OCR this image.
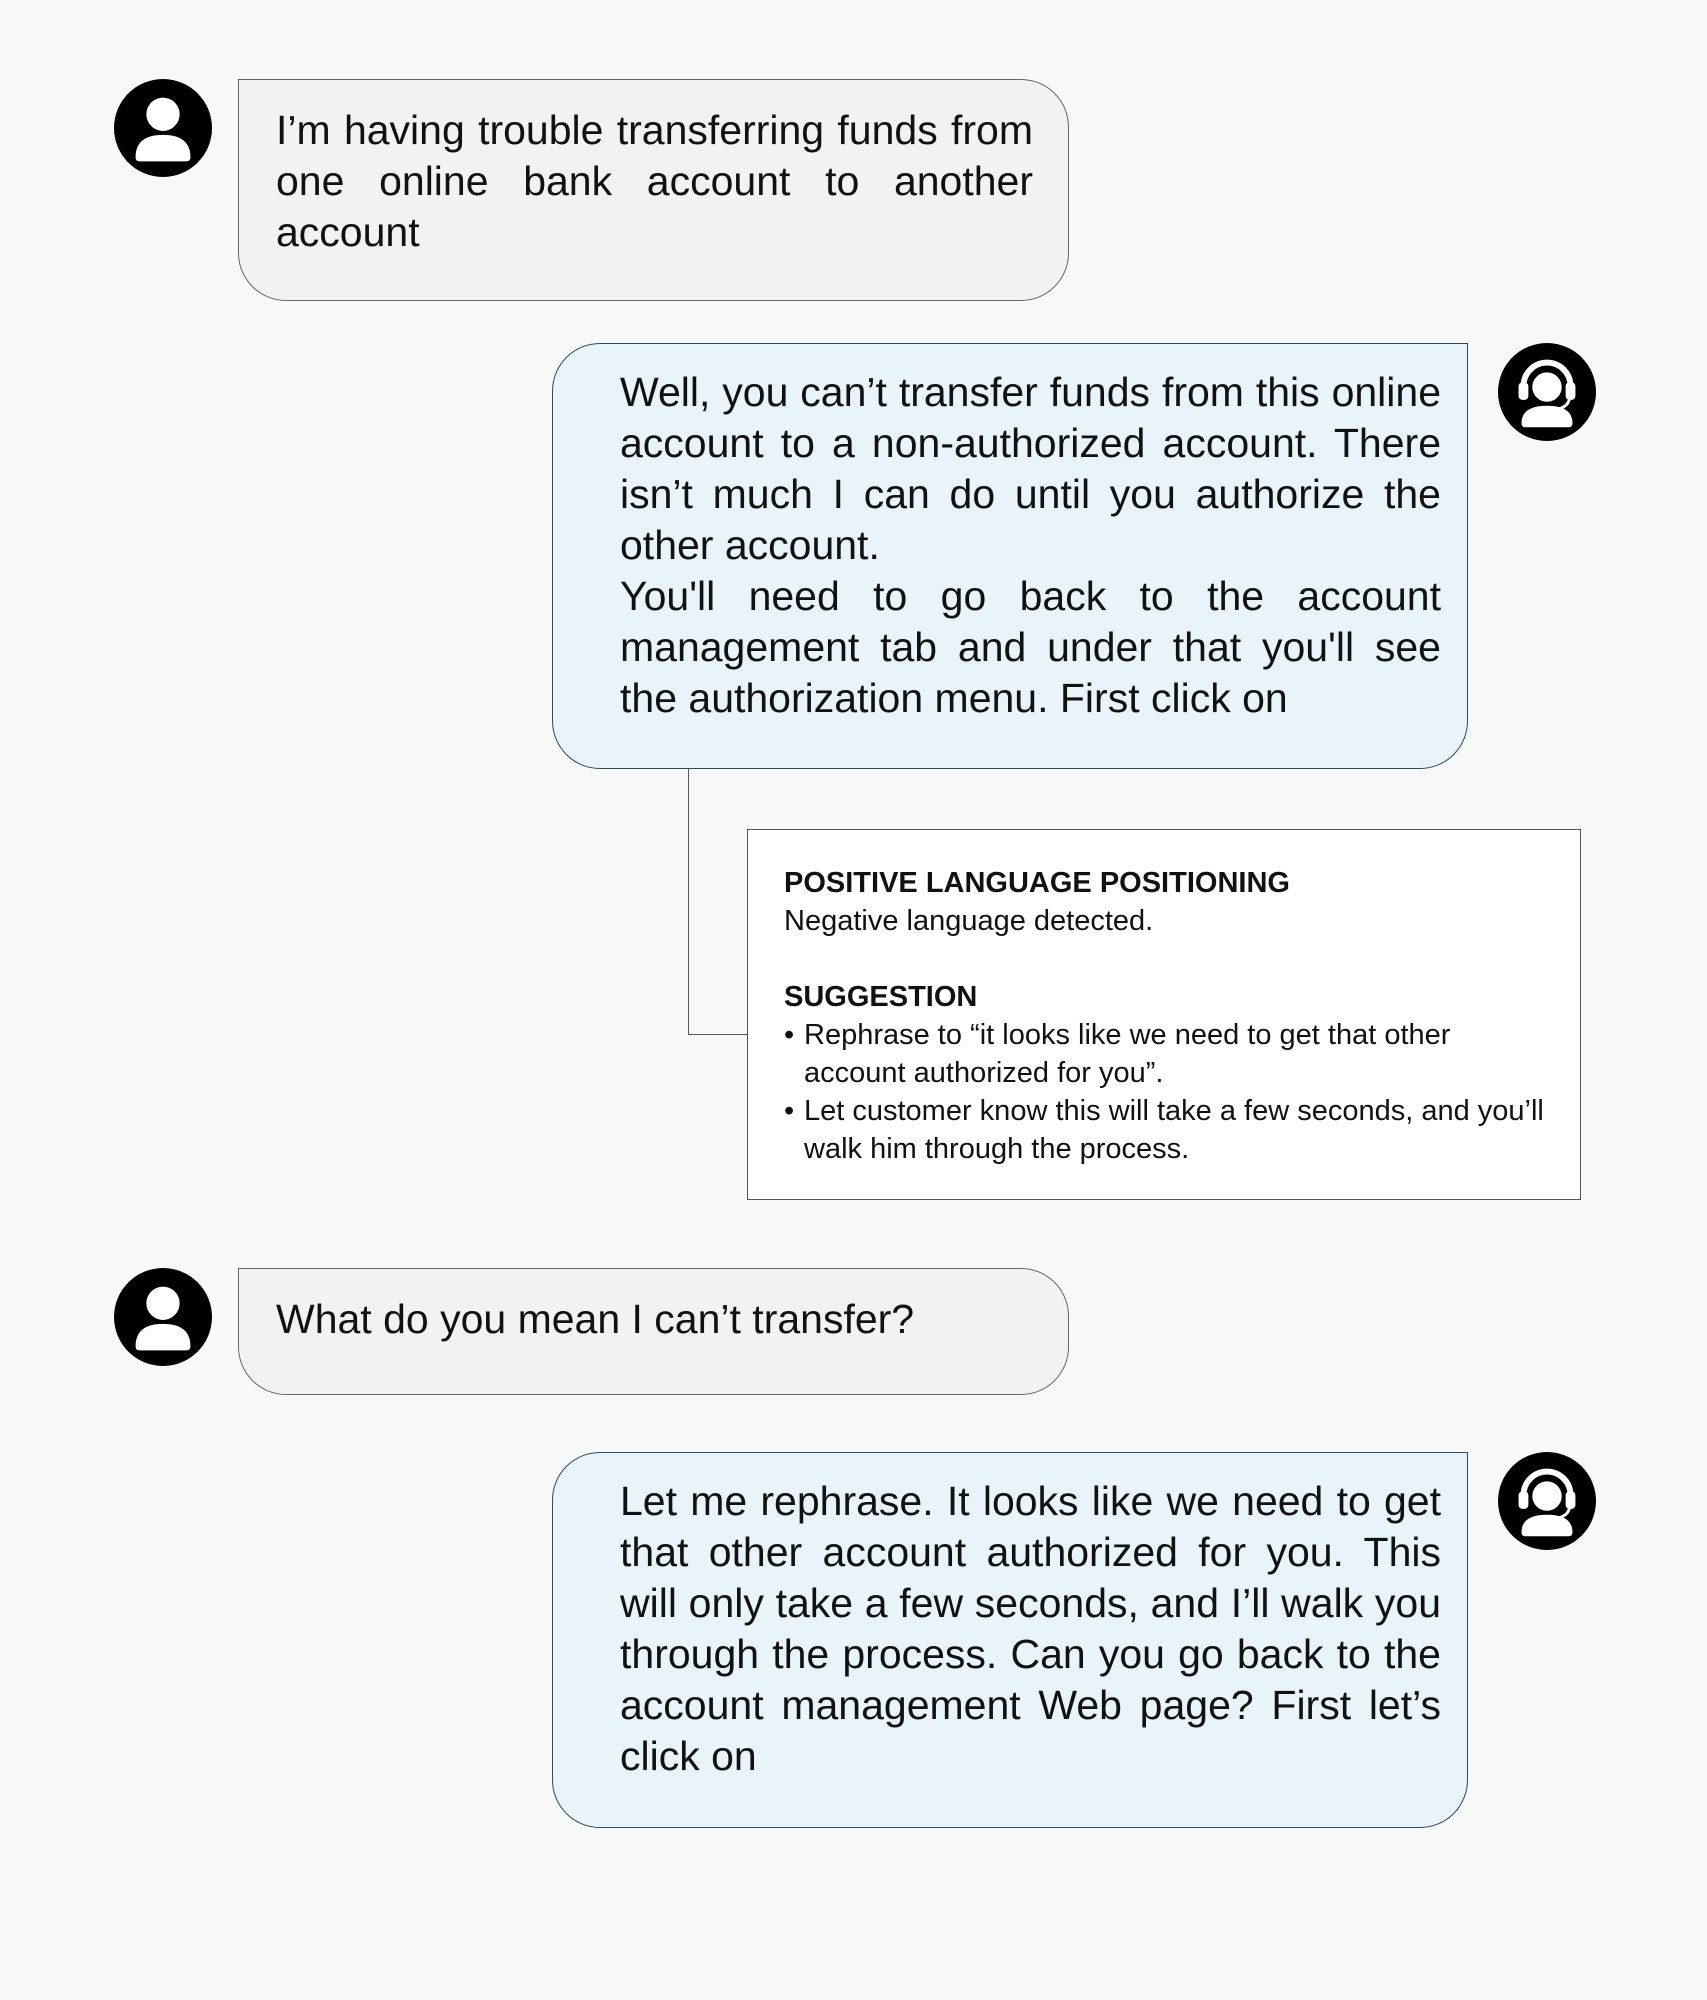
I’m having trouble transferring funds from one online bank account to another account

Well, you can’t transfer funds from this online account to a non-authorized account. There isn’t much I can do until you authorize the other account.

You'll need to go back to the account management tab and under that you'll see the authorization menu. First click on

POSITIVE LANGUAGE POSITIONING

Negative language detected.

SUGGESTION

• Rephrase to “it looks like we need to get that other account authorized for you”.
• Let customer know this will take a few seconds, and you’ll walk him through the process.

What do you mean I can’t transfer?

Let me rephrase. It looks like we need to get that other account authorized for you. This will only take a few seconds, and I’ll walk you through the process. Can you go back to the account management Web page? First let’s click on
